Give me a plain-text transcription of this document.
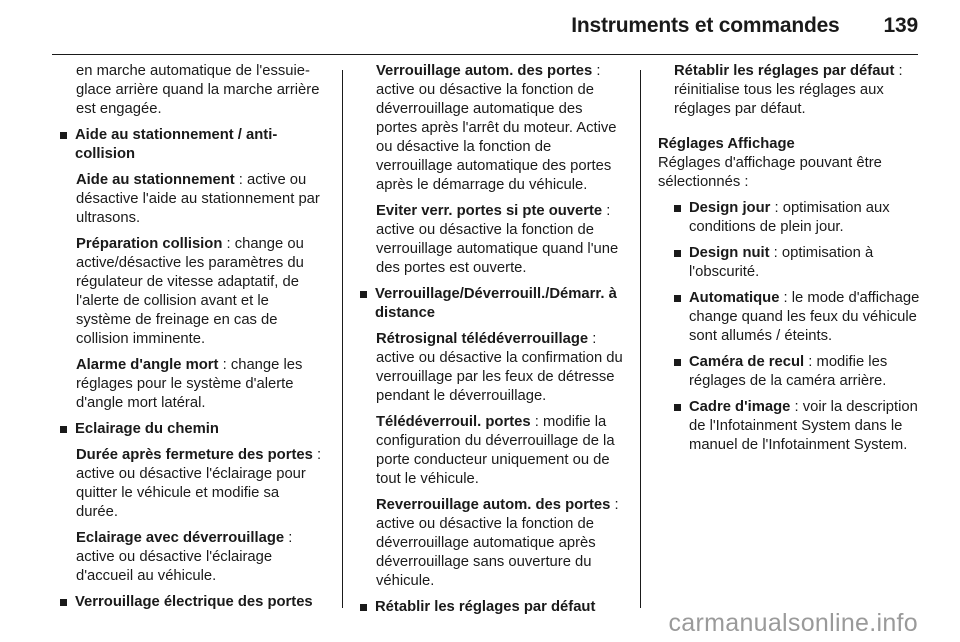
Instruments et commandes 139

en marche automatique de l'essuie-glace arrière quand la marche arrière est engagée.

Aide au stationnement / anti-collision

Aide au stationnement : active ou désactive l'aide au stationnement par ultrasons.

Préparation collision : change ou active/désactive les paramètres du régulateur de vitesse adaptatif, de l'alerte de collision avant et le système de freinage en cas de collision imminente.

Alarme d'angle mort : change les réglages pour le système d'alerte d'angle mort latéral.

Eclairage du chemin

Durée après fermeture des portes : active ou désactive l'éclairage pour quitter le véhicule et modifie sa durée.

Eclairage avec déverrouillage : active ou désactive l'éclairage d'accueil au véhicule.

Verrouillage électrique des portes

Verrouillage autom. des portes : active ou désactive la fonction de déverrouillage automatique des portes après l'arrêt du moteur. Active ou désactive la fonction de verrouillage automatique des portes après le démarrage du véhicule.

Eviter verr. portes si pte ouverte : active ou désactive la fonction de verrouillage automatique quand l'une des portes est ouverte.

Verrouillage/Déverrouill./Démarr. à distance

Rétrosignal télédéverrouillage : active ou désactive la confirmation du verrouillage par les feux de détresse pendant le déverrouillage.

Télédéverrouil. portes : modifie la configuration du déverrouillage de la porte conducteur uniquement ou de tout le véhicule.

Reverrouillage autom. des portes : active ou désactive la fonction de déverrouillage automatique après déverrouillage sans ouverture du véhicule.

Rétablir les réglages par défaut

Rétablir les réglages par défaut : réinitialise tous les réglages aux réglages par défaut.

Réglages Affichage

Réglages d'affichage pouvant être sélectionnés :

Design jour : optimisation aux conditions de plein jour.
Design nuit : optimisation à l'obscurité.
Automatique : le mode d'affichage change quand les feux du véhicule sont allumés / éteints.
Caméra de recul : modifie les réglages de la caméra arrière.
Cadre d'image : voir la description de l'Infotainment System dans le manuel de l'Infotainment System.
carmanualsonline.info
